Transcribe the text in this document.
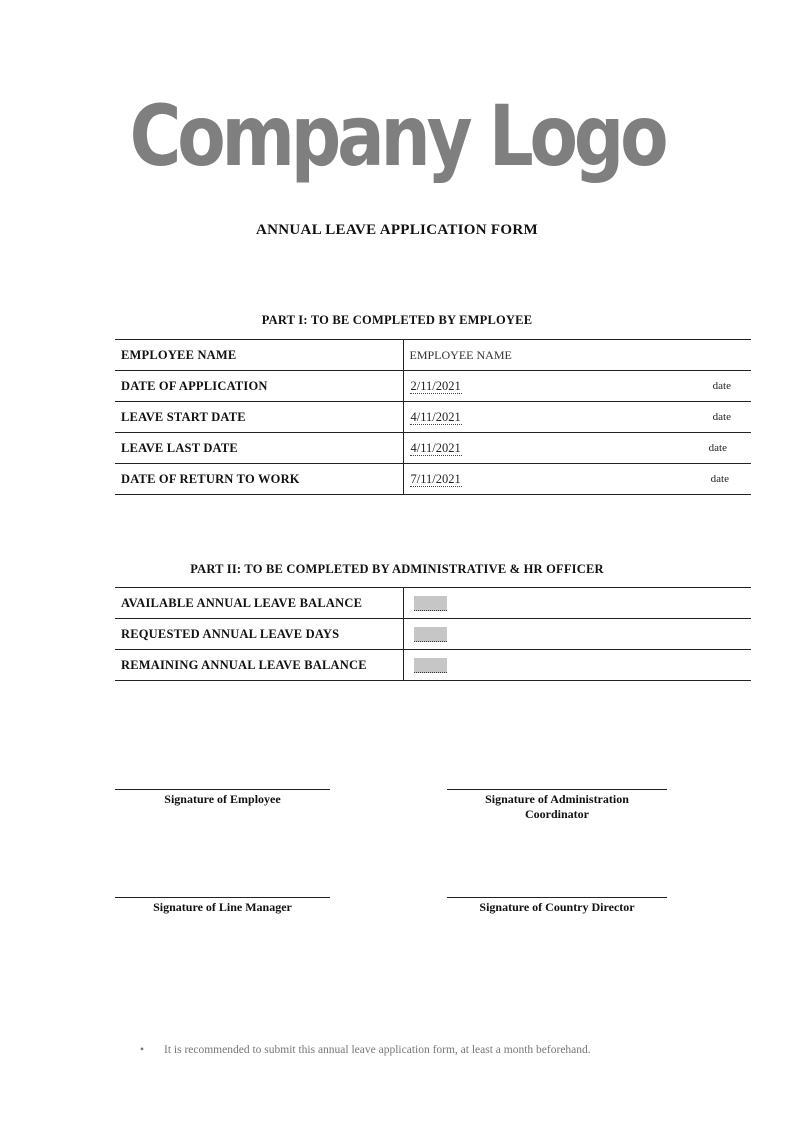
Company Logo
ANNUAL LEAVE APPLICATION FORM
PART I: TO BE COMPLETED BY EMPLOYEE
EMPLOYEE NAME	EMPLOYEE NAME
DATE OF APPLICATION	2/11/2021 date

LEAVE START DATE	4/11/2021 date

LEAVE LAST DATE	4/11/2021 date

DATE OF RETURN TO WORK	7/11/2021 date
PART II: TO BE COMPLETED BY ADMINISTRATIVE & HR OFFICER
AVAILABLE ANNUAL LEAVE BALANCE	
REQUESTED ANNUAL LEAVE DAYS	
REMAINING ANNUAL LEAVE BALANCE	
Signature of Employee	Signature of Administration
Coordinator
Signature of Line Manager	Signature of Country Director
• It is recommended to submit this annual leave application form, at least a month beforehand.
